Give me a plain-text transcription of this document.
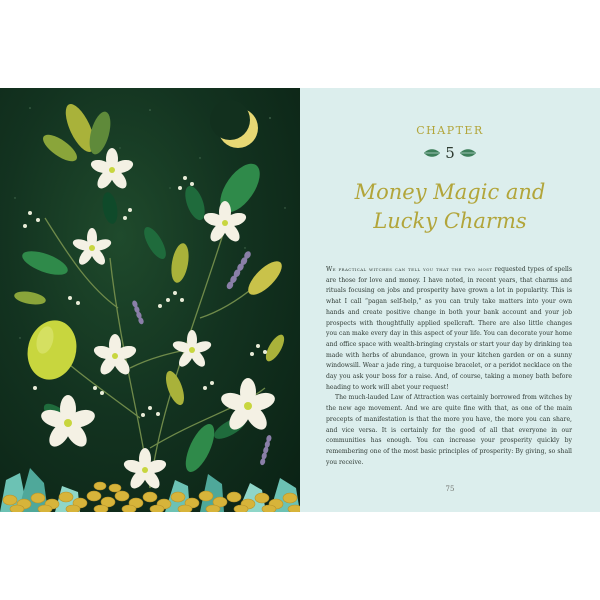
CHAPTER
5
Money Magic and
Lucky Charms

We practical witches can tell you that the two most requested types of spells are those for love and money. I have noted, in recent years, that charms and rituals focusing on jobs and prosperity have grown a lot in popularity. This is what I call “pagan self-help,” as you can truly take matters into your own hands and create positive change in both your bank account and your job prospects with thoughtfully applied spellcraft. There are also little changes you can make every day in this aspect of your life. You can decorate your home and office space with wealth-bringing crystals or start your day by drinking tea made with herbs of abundance, grown in your kitchen garden or on a sunny windowsill. Wear a jade ring, a turquoise bracelet, or a peridot necklace on the day you ask your boss for a raise. And, of course, taking a money bath before heading to work will abet your request!

The much-lauded Law of Attraction was certainly borrowed from witches by the new age movement. And we are quite fine with that, as one of the main precepts of manifestation is that the more you have, the more you can share, and vice versa. It is certainly for the good of all that everyone in our communities has enough. You can increase your prosperity quickly by remembering one of the most basic principles of prosperity: By giving, so shall you receive.

75
